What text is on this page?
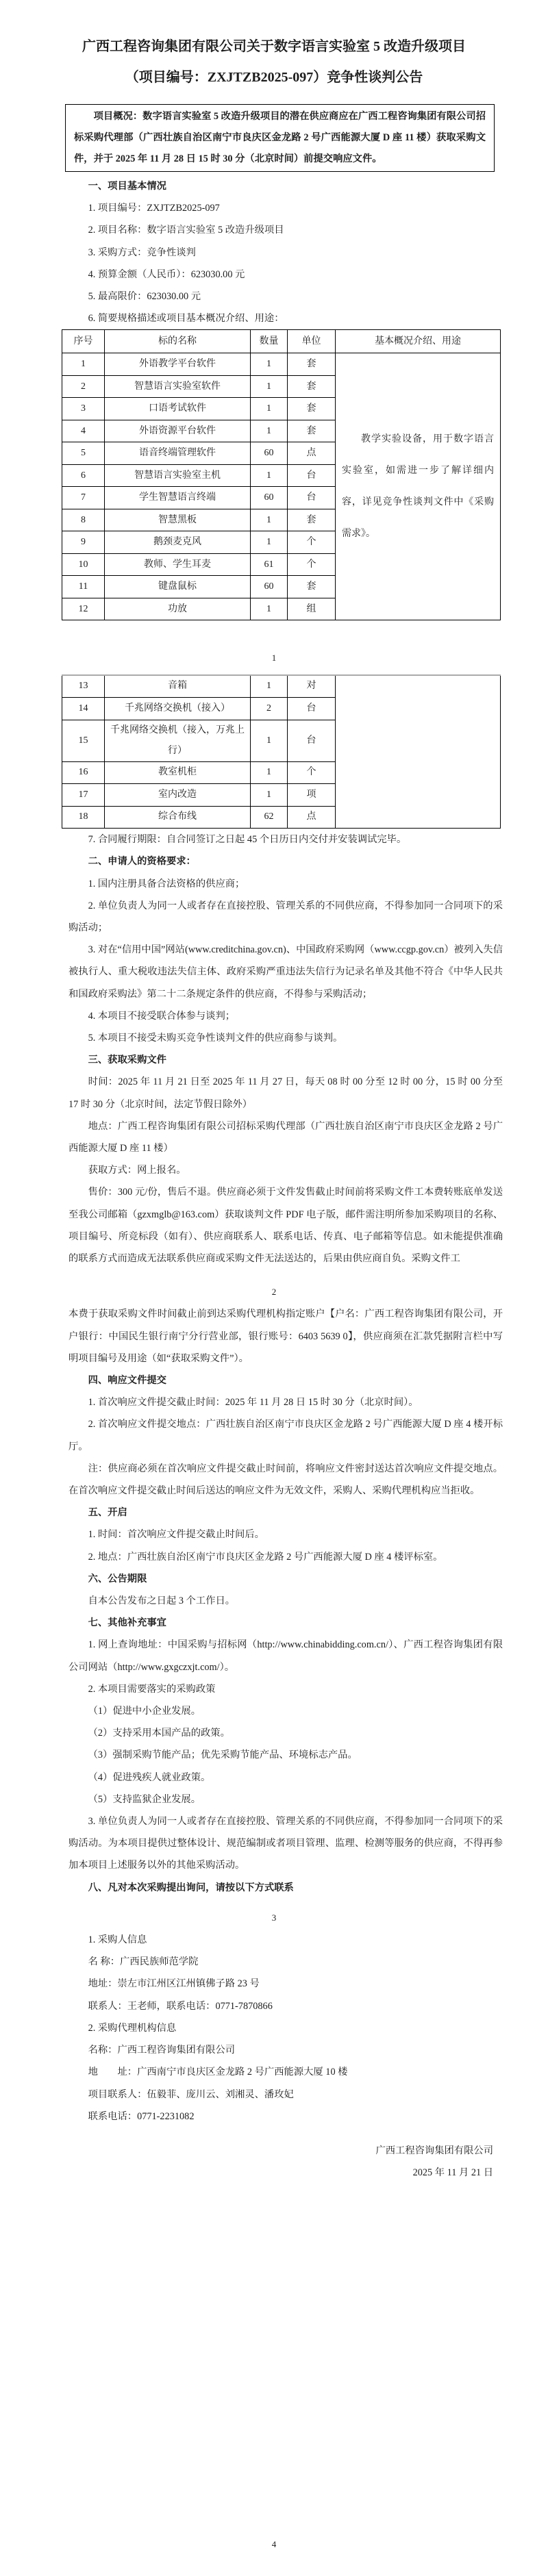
广西工程咨询集团有限公司关于数字语言实验室 5 改造升级项目
（项目编号：ZXJTZB2025-097）竞争性谈判公告
项目概况：数字语言实验室 5 改造升级项目的潜在供应商应在广西工程咨询集团有限公司招标采购代理部（广西壮族自治区南宁市良庆区金龙路 2 号广西能源大厦 D 座 11 楼）获取采购文件，并于 2025 年 11 月 28 日 15 时 30 分（北京时间）前提交响应文件。

一、项目基本情况

1. 项目编号：ZXJTZB2025-097

2. 项目名称：数字语言实验室 5 改造升级项目

3. 采购方式：竞争性谈判

4. 预算金额（人民币）：623030.00 元

5. 最高限价：623030.00 元

6. 简要规格描述或项目基本概况介绍、用途：

序号	标的名称	数量	单位	基本概况介绍、用途
1	外语教学平台软件	1	套	教学实验设备，用于数字语言实验室，如需进一步了解详细内容，详见竞争性谈判文件中《采购需求》。
2	智慧语言实验室软件	1	套	
3	口语考试软件	1	套	
4	外语资源平台软件	1	套	
5	语音终端管理软件	60	点	
6	智慧语言实验室主机	1	台	
7	学生智慧语言终端	60	台	
8	智慧黑板	1	套	
9	鹅颈麦克风	1	个	
10	教师、学生耳麦	61	个	
11	键盘鼠标	60	套	
12	功放	1	组	

1

13	音箱	1	对	
14	千兆网络交换机（接入）	2	台	
15	千兆网络交换机（接入，万兆上行）	1	台	
16	教室机柜	1	个	
17	室内改造	1	项	
18	综合布线	62	点	

7. 合同履行期限：自合同签订之日起 45 个日历日内交付并安装调试完毕。

二、申请人的资格要求：

1. 国内注册具备合法资格的供应商；

2. 单位负责人为同一人或者存在直接控股、管理关系的不同供应商，不得参加同一合同项下的采购活动；

3. 对在“信用中国”网站(www.creditchina.gov.cn)、中国政府采购网（www.ccgp.gov.cn）被列入失信被执行人、重大税收违法失信主体、政府采购严重违法失信行为记录名单及其他不符合《中华人民共和国政府采购法》第二十二条规定条件的供应商，不得参与采购活动；

4. 本项目不接受联合体参与谈判；

5. 本项目不接受未购买竞争性谈判文件的供应商参与谈判。

三、获取采购文件

时间：2025 年 11 月 21 日至 2025 年 11 月 27 日，每天 08 时 00 分至 12 时 00 分，15 时 00 分至 17 时 30 分（北京时间，法定节假日除外）

地点：广西工程咨询集团有限公司招标采购代理部（广西壮族自治区南宁市良庆区金龙路 2 号广西能源大厦 D 座 11 楼）

获取方式：网上报名。

售价：300 元/份，售后不退。供应商必须于文件发售截止时间前将采购文件工本费转账底单发送至我公司邮箱（gzxmglb@163.com）获取谈判文件 PDF 电子版，邮件需注明所参加采购项目的名称、项目编号、所竞标段（如有）、供应商联系人、联系电话、传真、电子邮箱等信息。如未能提供准确的联系方式而造成无法联系供应商或采购文件无法送达的，后果由供应商自负。采购文件工

2

本费于获取采购文件时间截止前到达采购代理机构指定账户【户名：广西工程咨询集团有限公司，开户银行：中国民生银行南宁分行营业部，银行账号：6403 5639 0】，供应商须在汇款凭据附言栏中写明项目编号及用途（如“获取采购文件”）。

四、响应文件提交

1. 首次响应文件提交截止时间：2025 年 11 月 28 日 15 时 30 分（北京时间）。

2. 首次响应文件提交地点：广西壮族自治区南宁市良庆区金龙路 2 号广西能源大厦 D 座 4 楼开标厅。

注：供应商必须在首次响应文件提交截止时间前，将响应文件密封送达首次响应文件提交地点。在首次响应文件提交截止时间后送达的响应文件为无效文件，采购人、采购代理机构应当拒收。

五、开启

1. 时间：首次响应文件提交截止时间后。

2. 地点：广西壮族自治区南宁市良庆区金龙路 2 号广西能源大厦 D 座 4 楼评标室。

六、公告期限

自本公告发布之日起 3 个工作日。

七、其他补充事宜

1. 网上查询地址：中国采购与招标网（http://www.chinabidding.com.cn/）、广西工程咨询集团有限公司网站（http://www.gxgczxjt.com/）。

2. 本项目需要落实的采购政策

（1）促进中小企业发展。

（2）支持采用本国产品的政策。

（3）强制采购节能产品；优先采购节能产品、环境标志产品。

（4）促进残疾人就业政策。

（5）支持监狱企业发展。

3. 单位负责人为同一人或者存在直接控股、管理关系的不同供应商，不得参加同一合同项下的采购活动。为本项目提供过整体设计、规范编制或者项目管理、监理、检测等服务的供应商，不得再参加本项目上述服务以外的其他采购活动。

八、凡对本次采购提出询问，请按以下方式联系

3

1. 采购人信息

名 称：广西民族师范学院

地址：崇左市江州区江州镇佛子路 23 号

联系人：王老师，联系电话：0771-7870866

2. 采购代理机构信息

名称：广西工程咨询集团有限公司

地　　址：广西南宁市良庆区金龙路 2 号广西能源大厦 10 楼

项目联系人：伍毅菲、庞川云、刘湘灵、潘玫妃

联系电话：0771-2231082

广西工程咨询集团有限公司

2025 年 11 月 21 日

4
